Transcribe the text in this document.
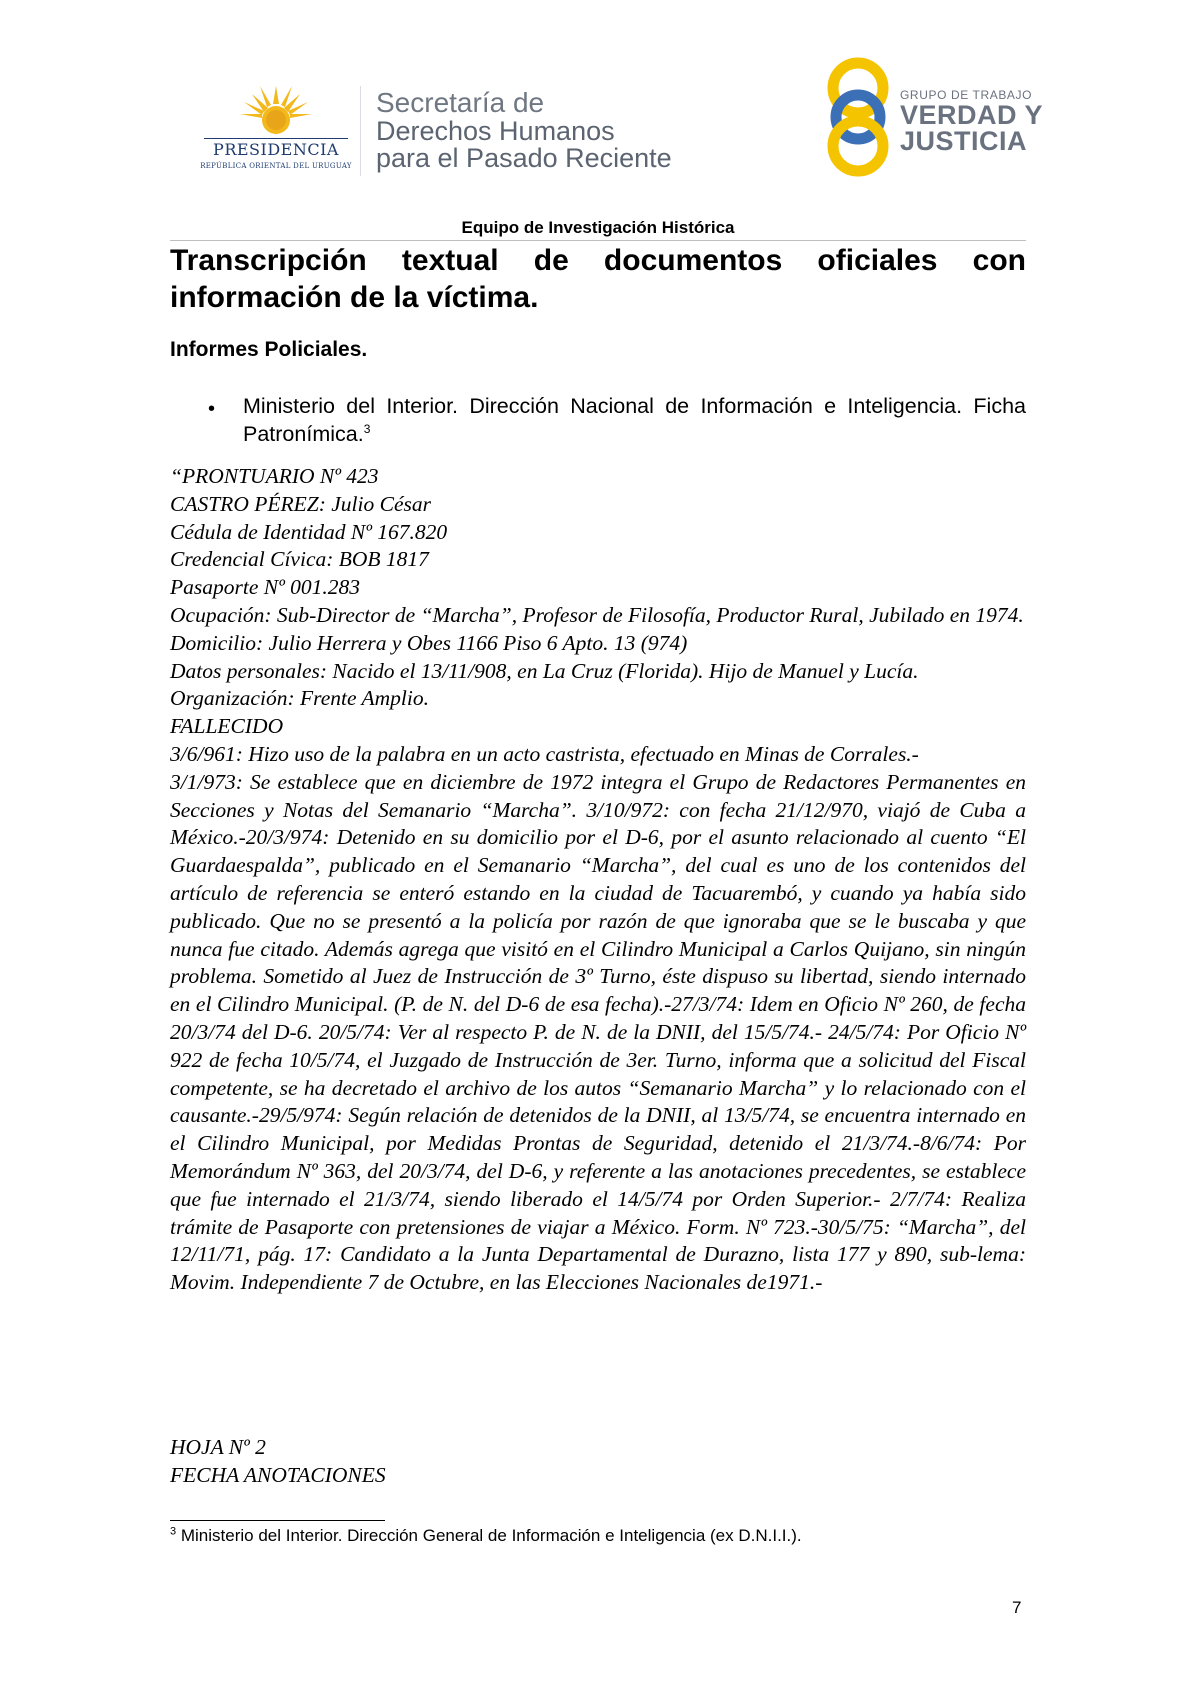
PRESIDENCIA
REPÚBLICA ORIENTAL DEL URUGUAY
Secretaría de
Derechos Humanos
para el Pasado Reciente
GRUPO DE TRABAJO
VERDAD Y
JUSTICIA
Equipo de Investigación Histórica
Transcripción textual de documentos oficiales con información de la víctima.
Informes Policiales.
• Ministerio del Interior. Dirección Nacional de Información e Inteligencia. Ficha Patronímica.$^3$
“PRONTUARIO Nº 423
CASTRO PÉREZ: Julio César
Cédula de Identidad Nº 167.820
Credencial Cívica: BOB 1817
Pasaporte Nº 001.283
Ocupación: Sub-Director de “Marcha”, Profesor de Filosofía, Productor Rural, Jubilado en 1974.
Domicilio: Julio Herrera y Obes 1166 Piso 6 Apto. 13 (974)
Datos personales: Nacido el 13/11/908, en La Cruz (Florida). Hijo de Manuel y Lucía.
Organización: Frente Amplio.
FALLECIDO
3/6/961: Hizo uso de la palabra en un acto castrista, efectuado en Minas de Corrales.-
3/1/973: Se establece que en diciembre de 1972 integra el Grupo de Redactores Permanentes en Secciones y Notas del Semanario “Marcha”. 3/10/972: con fecha 21/12/970, viajó de Cuba a México.-20/3/974: Detenido en su domicilio por el D-6, por el asunto relacionado al cuento “El Guardaespalda”, publicado en el Semanario “Marcha”, del cual es uno de los contenidos del artículo de referencia se enteró estando en la ciudad de Tacuarembó, y cuando ya había sido publicado. Que no se presentó a la policía por razón de que ignoraba que se le buscaba y que nunca fue citado. Además agrega que visitó en el Cilindro Municipal a Carlos Quijano, sin ningún problema. Sometido al Juez de Instrucción de 3º Turno, éste dispuso su libertad, siendo internado en el Cilindro Municipal. (P. de N. del D-6 de esa fecha).-27/3/74: Idem en Oficio Nº 260, de fecha 20/3/74 del D-6. 20/5/74: Ver al respecto P. de N. de la DNII, del 15/5/74.- 24/5/74: Por Oficio Nº 922 de fecha 10/5/74, el Juzgado de Instrucción de 3er. Turno, informa que a solicitud del Fiscal competente, se ha decretado el archivo de los autos “Semanario Marcha” y lo relacionado con el causante.-29/5/974: Según relación de detenidos de la DNII, al 13/5/74, se encuentra internado en el Cilindro Municipal, por Medidas Prontas de Seguridad, detenido el 21/3/74.-8/6/74: Por Memorándum Nº 363, del 20/3/74, del D-6, y referente a las anotaciones precedentes, se establece que fue internado el 21/3/74, siendo liberado el 14/5/74 por Orden Superior.- 2/7/74: Realiza trámite de Pasaporte con pretensiones de viajar a México. Form. Nº 723.-30/5/75: “Marcha”, del 12/11/71, pág. 17: Candidato a la Junta Departamental de Durazno, lista 177 y 890, sub-lema: Movim. Independiente 7 de Octubre, en las Elecciones Nacionales de1971.-
HOJA Nº 2
FECHA ANOTACIONES
$^3$ Ministerio del Interior. Dirección General de Información e Inteligencia (ex D.N.I.I.).
7
